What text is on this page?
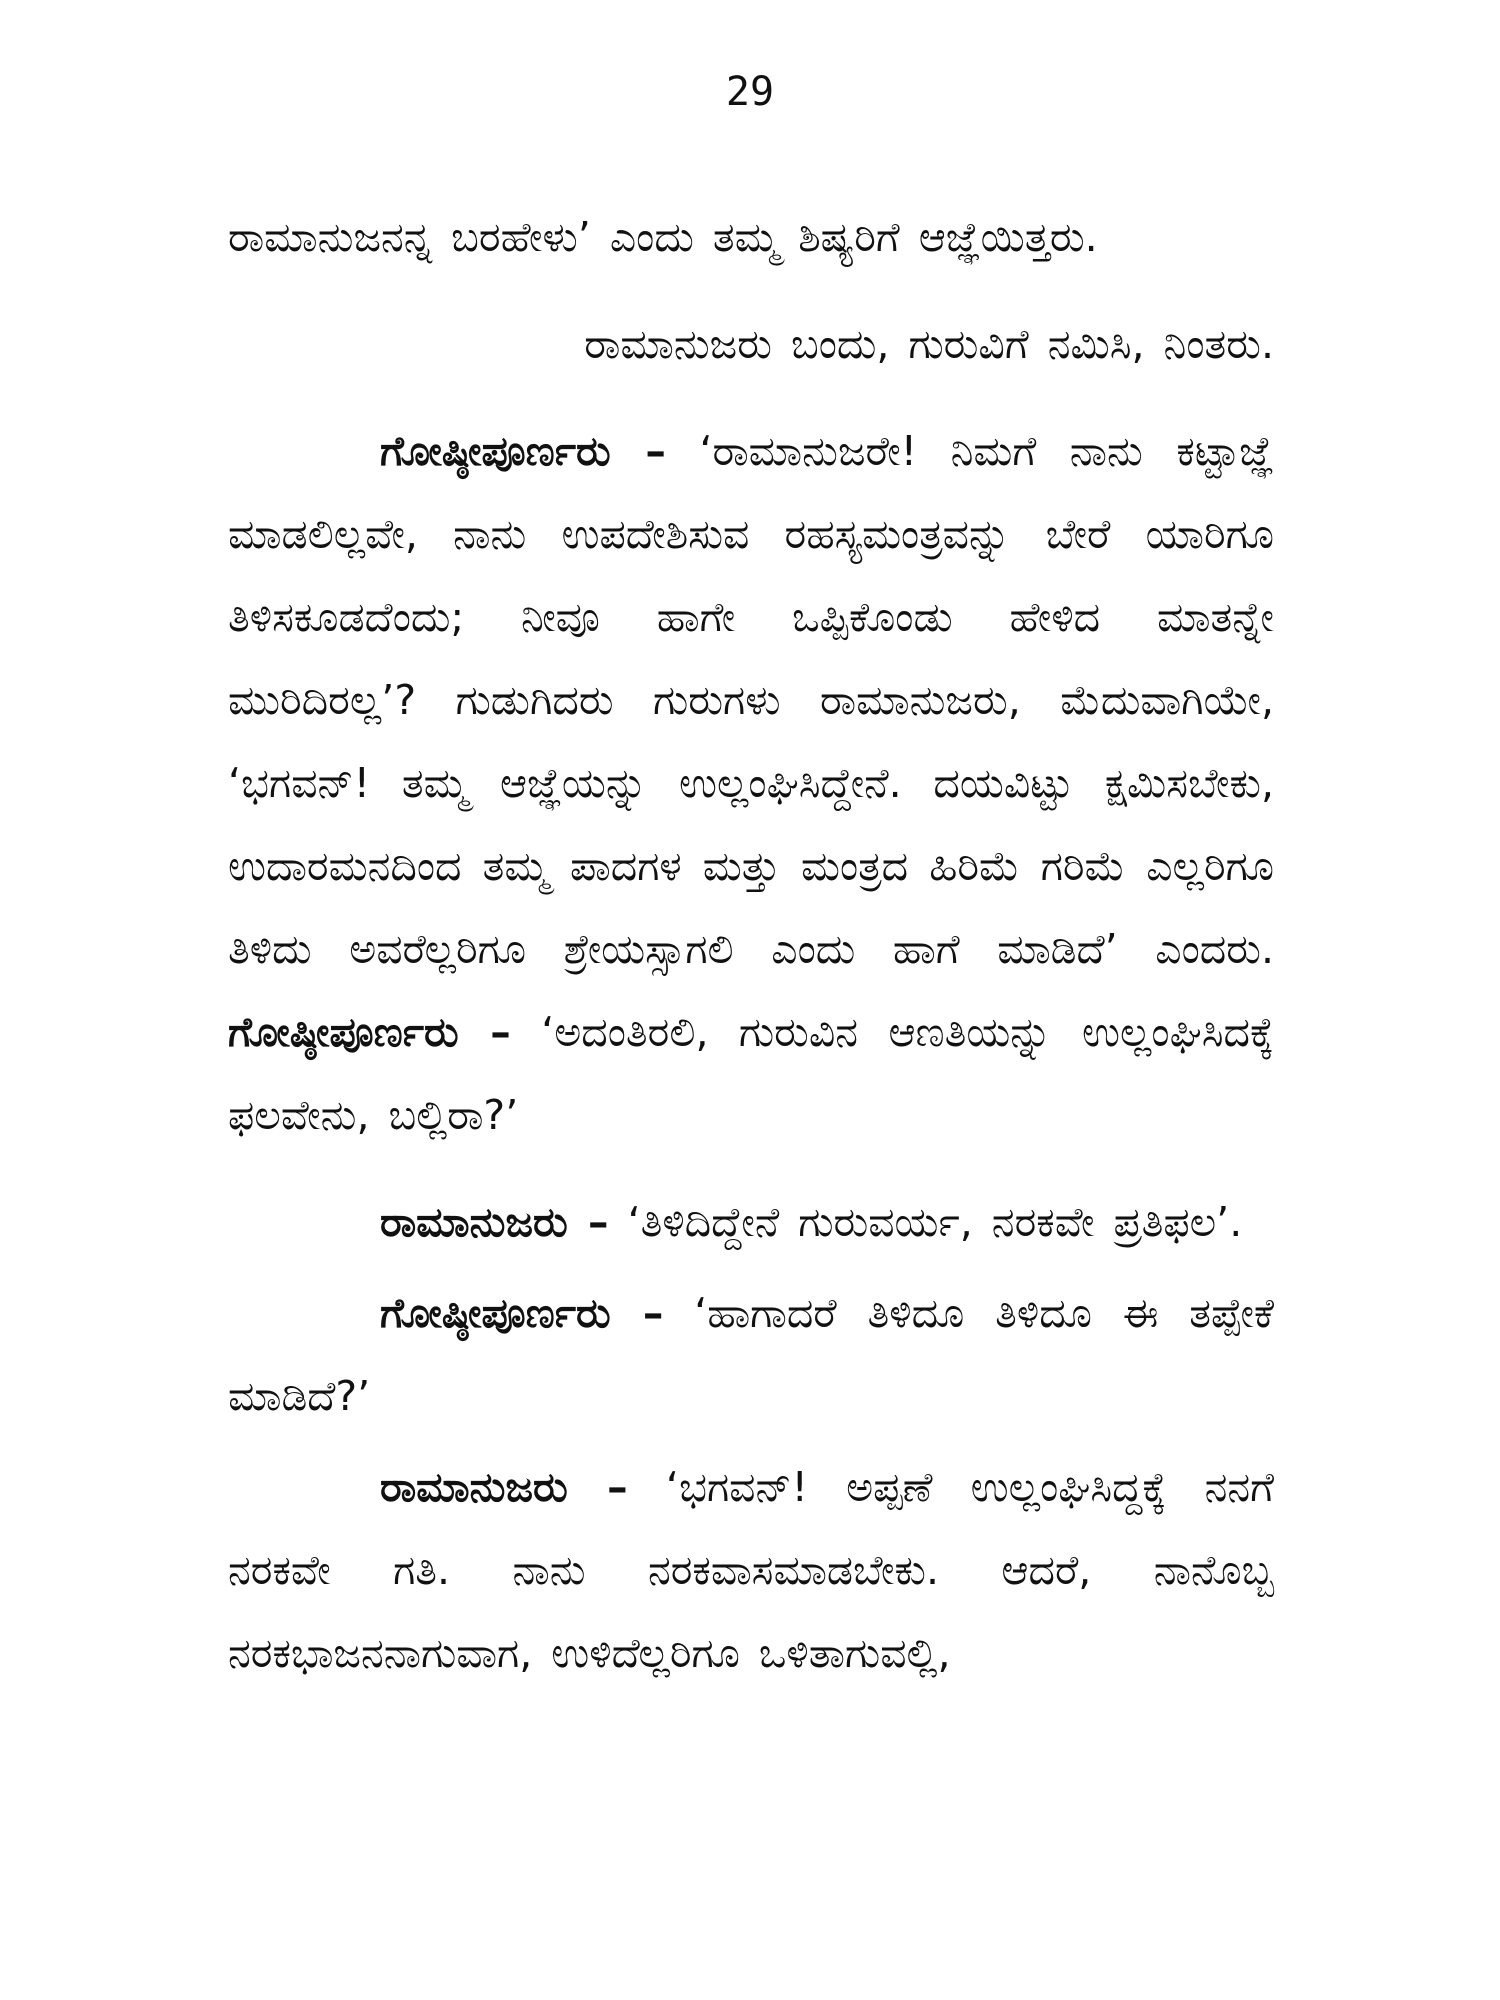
29

ರಾಮಾನುಜನನ್ನ ಬರಹೇಳು’ ಎಂದು ತಮ್ಮ ಶಿಷ್ಯರಿಗೆ ಆಜ್ಞೆಯಿತ್ತರು.

ರಾಮಾನುಜರು ಬಂದು, ಗುರುವಿಗೆ ನಮಿಸಿ, ನಿಂತರು.

ಗೋಷ್ಠೀಪೂರ್ಣರು – ‘ರಾಮಾನುಜರೇ! ನಿಮಗೆ ನಾನು ಕಟ್ಟಾಜ್ಞೆ ಮಾಡಲಿಲ್ಲವೇ, ನಾನು ಉಪದೇಶಿಸುವ ರಹಸ್ಯಮಂತ್ರವನ್ನು ಬೇರೆ ಯಾರಿಗೂ ತಿಳಿಸಕೂಡದೆಂದು; ನೀವೂ ಹಾಗೇ ಒಪ್ಪಿಕೊಂಡು ಹೇಳಿದ ಮಾತನ್ನೇ ಮುರಿದಿರಲ್ಲ’? ಗುಡುಗಿದರು ಗುರುಗಳು ರಾಮಾನುಜರು, ಮೆದುವಾಗಿಯೇ, ‘ಭಗವನ್! ತಮ್ಮ ಆಜ್ಞೆಯನ್ನು ಉಲ್ಲಂಘಿಸಿದ್ದೇನೆ. ದಯವಿಟ್ಟು ಕ್ಷಮಿಸಬೇಕು, ಉದಾರಮನದಿಂದ ತಮ್ಮ ಪಾದಗಳ ಮತ್ತು ಮಂತ್ರದ ಹಿರಿಮೆ ಗರಿಮೆ ಎಲ್ಲರಿಗೂ ತಿಳಿದು ಅವರೆಲ್ಲರಿಗೂ ಶ್ರೇಯಸ್ಸಾಗಲಿ ಎಂದು ಹಾಗೆ ಮಾಡಿದೆ’ ಎಂದರು. ಗೋಷ್ಠೀಪೂರ್ಣರು – ‘ಅದಂತಿರಲಿ, ಗುರುವಿನ ಆಣತಿಯನ್ನು ಉಲ್ಲಂಘಿಸಿದಕ್ಕೆ ಫಲವೇನು, ಬಲ್ಲಿರಾ?’

ರಾಮಾನುಜರು – ‘ತಿಳಿದಿದ್ದೇನೆ ಗುರುವರ್ಯ, ನರಕವೇ ಪ್ರತಿಫಲ’.

ಗೋಷ್ಠೀಪೂರ್ಣರು – ‘ಹಾಗಾದರೆ ತಿಳಿದೂ ತಿಳಿದೂ ಈ ತಪ್ಪೇಕೆ ಮಾಡಿದೆ?’

ರಾಮಾನುಜರು – ‘ಭಗವನ್! ಅಪ್ಪಣೆ ಉಲ್ಲಂಘಿಸಿದ್ದಕ್ಕೆ ನನಗೆ ನರಕವೇ ಗತಿ. ನಾನು ನರಕವಾಸಮಾಡಬೇಕು. ಆದರೆ, ನಾನೊಬ್ಬ ನರಕಭಾಜನನಾಗುವಾಗ, ಉಳಿದೆಲ್ಲರಿಗೂ ಒಳಿತಾಗುವಲ್ಲಿ,
